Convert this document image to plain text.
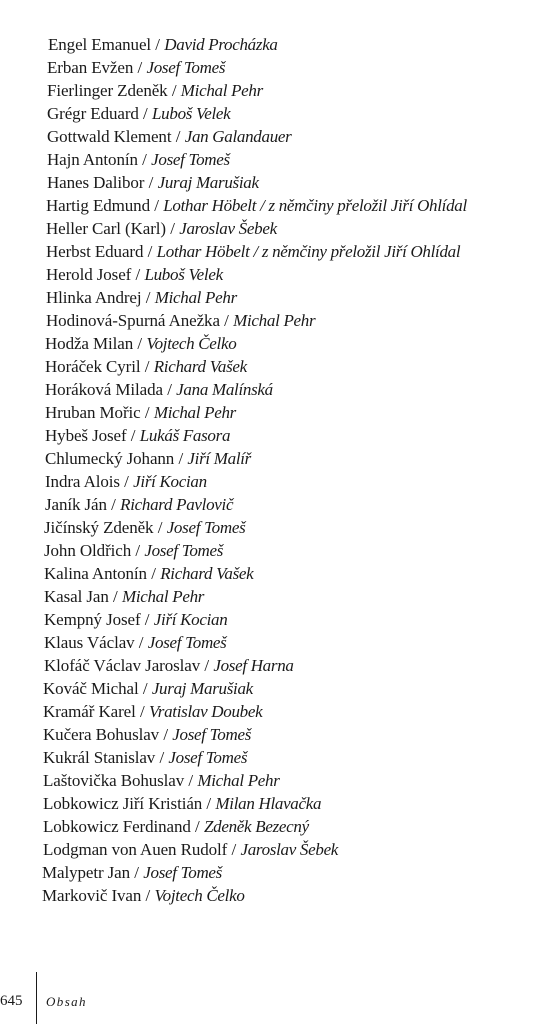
Engel Emanuel / David Procházka
Erban Evžen / Josef Tomeš
Fierlinger Zdeněk / Michal Pehr
Grégr Eduard / Luboš Velek
Gottwald Klement / Jan Galandauer
Hajn Antonín / Josef Tomeš
Hanes Dalibor / Juraj Marušiak
Hartig Edmund / Lothar Höbelt / z němčiny přeložil Jiří Ohlídal
Heller Carl (Karl) / Jaroslav Šebek
Herbst Eduard / Lothar Höbelt / z němčiny přeložil Jiří Ohlídal
Herold Josef / Luboš Velek
Hlinka Andrej / Michal Pehr
Hodinová-Spurná Anežka / Michal Pehr
Hodža Milan / Vojtech Čelko
Horáček Cyril / Richard Vašek
Horáková Milada / Jana Malínská
Hruban Mořic / Michal Pehr
Hybeš Josef / Lukáš Fasora
Chlumecký Johann / Jiří Malíř
Indra Alois / Jiří Kocian
Janík Ján / Richard Pavlovič
Jičínský Zdeněk / Josef Tomeš
John Oldřich / Josef Tomeš
Kalina Antonín / Richard Vašek
Kasal Jan / Michal Pehr
Kempný Josef / Jiří Kocian
Klaus Václav / Josef Tomeš
Klofáč Václav Jaroslav / Josef Harna
Kováč Michal / Juraj Marušiak
Kramář Karel / Vratislav Doubek
Kučera Bohuslav / Josef Tomeš
Kukrál Stanislav / Josef Tomeš
Laštovička Bohuslav / Michal Pehr
Lobkowicz Jiří Kristián / Milan Hlavačka
Lobkowicz Ferdinand / Zdeněk Bezecný
Lodgman von Auen Rudolf / Jaroslav Šebek
Malypetr Jan / Josef Tomeš
Markovič Ivan / Vojtech Čelko
645 Obsah
